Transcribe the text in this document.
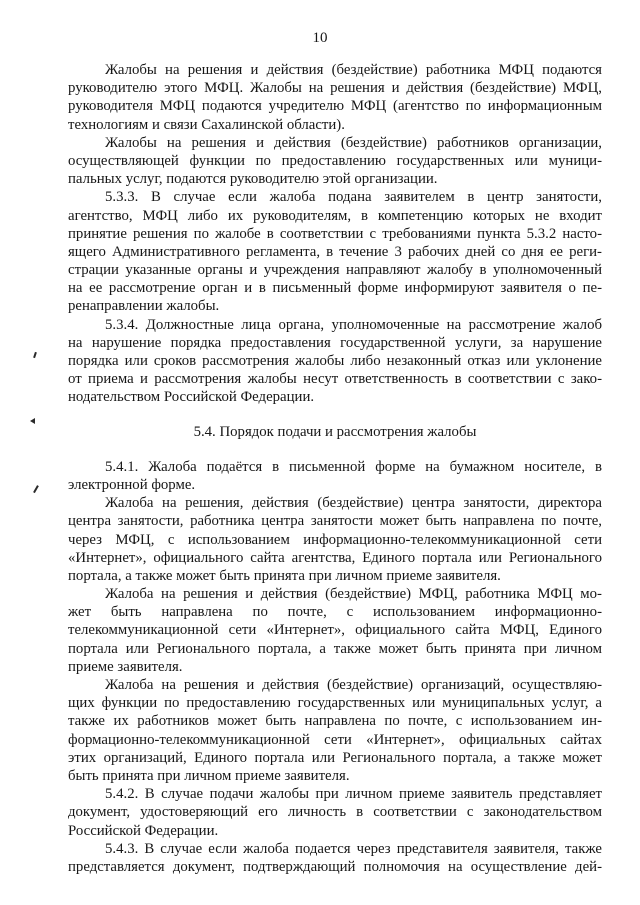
10
Жалобы на решения и действия (бездействие) работника МФЦ подаются
руководителю этого МФЦ. Жалобы на решения и действия (бездействие) МФЦ,
руководителя МФЦ подаются учредителю МФЦ (агентство по информационным
технологиям и связи Сахалинской области).
Жалобы на решения и действия (бездействие) работников организации,
осуществляющей функции по предоставлению государственных или муници-
пальных услуг, подаются руководителю этой организации.
5.3.3. В случае если жалоба подана заявителем в центр занятости,
агентство, МФЦ либо их руководителям, в компетенцию которых не входит
принятие решения по жалобе в соответствии с требованиями пункта 5.3.2 насто-
ящего Административного регламента, в течение 3 рабочих дней со дня ее реги-
страции указанные органы и учреждения направляют жалобу в уполномоченный
на ее рассмотрение орган и в письменный форме информируют заявителя о пе-
ренаправлении жалобы.
5.3.4. Должностные лица органа, уполномоченные на рассмотрение жалоб
на нарушение порядка предоставления государственной услуги, за нарушение
порядка или сроков рассмотрения жалобы либо незаконный отказ или уклонение
от приема и рассмотрения жалобы несут ответственность в соответствии с зако-
нодательством Российской Федерации.
5.4. Порядок подачи и рассмотрения жалобы
5.4.1. Жалоба подаётся в письменной форме на бумажном носителе, в
электронной форме.
Жалоба на решения, действия (бездействие) центра занятости, директора
центра занятости, работника центра занятости может быть направлена по почте,
через МФЦ, с использованием информационно-телекоммуникационной сети
«Интернет», официального сайта агентства, Единого портала или Регионального
портала, а также может быть принята при личном приеме заявителя.
Жалоба на решения и действия (бездействие) МФЦ, работника МФЦ мо-
жет быть направлена по почте, с использованием информационно-
телекоммуникационной сети «Интернет», официального сайта МФЦ, Единого
портала или Регионального портала, а также может быть принята при личном
приеме заявителя.
Жалоба на решения и действия (бездействие) организаций, осуществляю-
щих функции по предоставлению государственных или муниципальных услуг, а
также их работников может быть направлена по почте, с использованием ин-
формационно-телекоммуникационной сети «Интернет», официальных сайтах
этих организаций, Единого портала или Регионального портала, а также может
быть принята при личном приеме заявителя.
5.4.2. В случае подачи жалобы при личном приеме заявитель представляет
документ, удостоверяющий его личность в соответствии с законодательством
Российской Федерации.
5.4.3. В случае если жалоба подается через представителя заявителя, также
представляется документ, подтверждающий полномочия на осуществление дей-
